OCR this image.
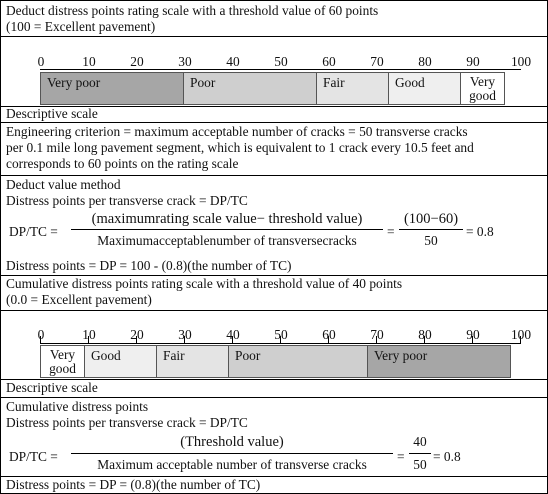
Deduct distress points rating scale with a threshold value of 60 points
(100 = Excellent pavement)
0	10	20	30	40	50	60	70	80	90 100
Very poor	Poor	Fair	Good	Very
good
Descriptive scale
Engineering criterion = maximum acceptable number of cracks = 50 transverse cracks
per 0.1 mile long pavement segment, which is equivalent to 1 crack every 10.5 feet and
corresponds to 60 points on the rating scale
Deduct value method
Distress points per transverse crack = DP/TC
DP/TC =
(maximumrating scale value− threshold value)
Maximumacceptablenumber of transversecracks
=
(100−60)
50
= 0.8
Distress points = DP = 100 - (0.8)(the number of TC)
Cumulative distress points rating scale with a threshold value of 40 points
(0.0 = Excellent pavement)
0	10	20	30	40	50	60	70	80	90 100
Very
good
Good	Fair	Poor	Very poor
Descriptive scale
Cumulative distress points
Distress points per transverse crack = DP/TC
DP/TC =
(Threshold value)
Maximum acceptable number of transverse cracks
=
40
50
= 0.8
Distress points = DP = (0.8)(the number of TC)
